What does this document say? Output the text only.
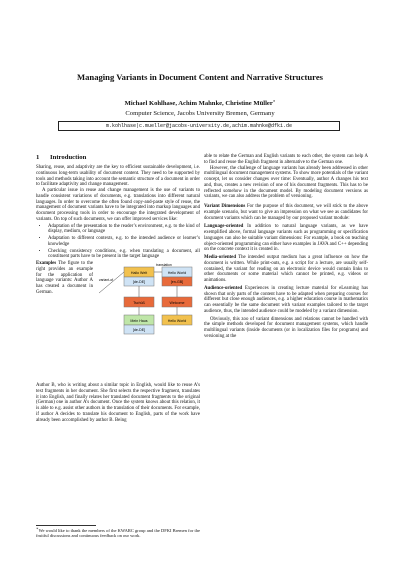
Managing Variants in Document Content and Narrative Structures
Michael Kohlhase, Achim Mahnke, Christine Müller∗
Computer Science, Jacobs University Bremen, Germany
m.kohlhase|c.mueller@jacobs-university.de,achim.mahnke@dfki.de
1 Introduction

Sharing, reuse, and adaptivity are the key to efficient sustainable development, i.e. continuous long-term usability of document content. They need to be supported by tools and methods taking into account the semantic structure of a document in order to facilitate adaptivity and change management.

A particular issue in reuse and change management is the use of variants to handle consistent variations of documents, e.g. translations into different natural languages. In order to overcome the often found copy-and-paste style of reuse, the management of document variants have to be integrated into markup languages and document processing tools in order to encourage the integrated development of variants. On top of such documents, we can offer improved services like:

• Adaptation of the presentation to the reader’s environment, e.g. to the kind of display, medium, or language
• Adaptation to different contexts, e.g. to the intended audience or learner’s knowledge
• Checking consistency conditions, e.g. when translating a document, all constituent parts have to be present in the target language
Examples The figure to the right provides an example for the application of language variants: Author A has created a document in German.
Hallo Welt
[de-DE]
Hello World
[en-GB]
Tschüß	Welcome
Mein Haus
[de-DE]
Hello World
translation
variant-of

Author B, who is writing about a similar topic in English, would like to reuse A’s text fragments in her document. She first selects the respective fragment, translates it into English, and finally relates her translated document fragments to the original (German) one in author A’s document. Once the system knows about this relation, it is able to e.g. assist other authors in the translation of their documents. For example, if author A decides to translate his document to English, parts of the work have already been accomplished by author B. Being

∗We would like to thank the members of the KWARC group and the DFKI Bremen for the fruitful discussions and continuous feedback on our work.

able to relate the German and English variants to each other, the system can help A to find and reuse the English fragment in alternative to the German one.

However, the challenge of language variants has already been addressed in other multilingual document management systems. To show more potentials of the variant concept, let us consider changes over time: Eventually, author A changes his text and, thus, creates a new revision of one of his document fragments. This has to be reflected somehow in the document model. By modeling document versions as variants, we can also address the problem of versioning.

Variant Dimensions For the purpose of this document, we will stick to the above example scenario, but want to give an impression on what we see as candidates for document variants which can be managed by our proposed variant module:

Language-oriented In addition to natural language variants, as we have exemplified above, formal language variants such as programming or specification languages can also be suitable variant dimensions: For example, a book on teaching object-oriented programming can either have examples in JAVA and C++ depending on the concrete context it is created in.
Media-oriented The intended output medium has a great influence on how the document is written. While print-outs, e.g. a script for a lecture, are usually self-contained, the variant for reading on an electronic device would contain links to other documents or some material which cannot be printed, e.g. videos or animations.
Audience-oriented Experiences in creating lecture material for eLearning has shown that only parts of the content have to be adapted when preparing courses for different but close enough audiences, e.g. a higher education course in mathematics can essentially be the same document with variant examples tailored to the target audience, thus, the intended audience could be modeled by a variant dimension.

Obviously, this zoo of variant dimensions and relations cannot be handled with the simple methods developed for document management systems, which handle multilingual variants (inside documents (or in localization files for programs) and versioning at the
